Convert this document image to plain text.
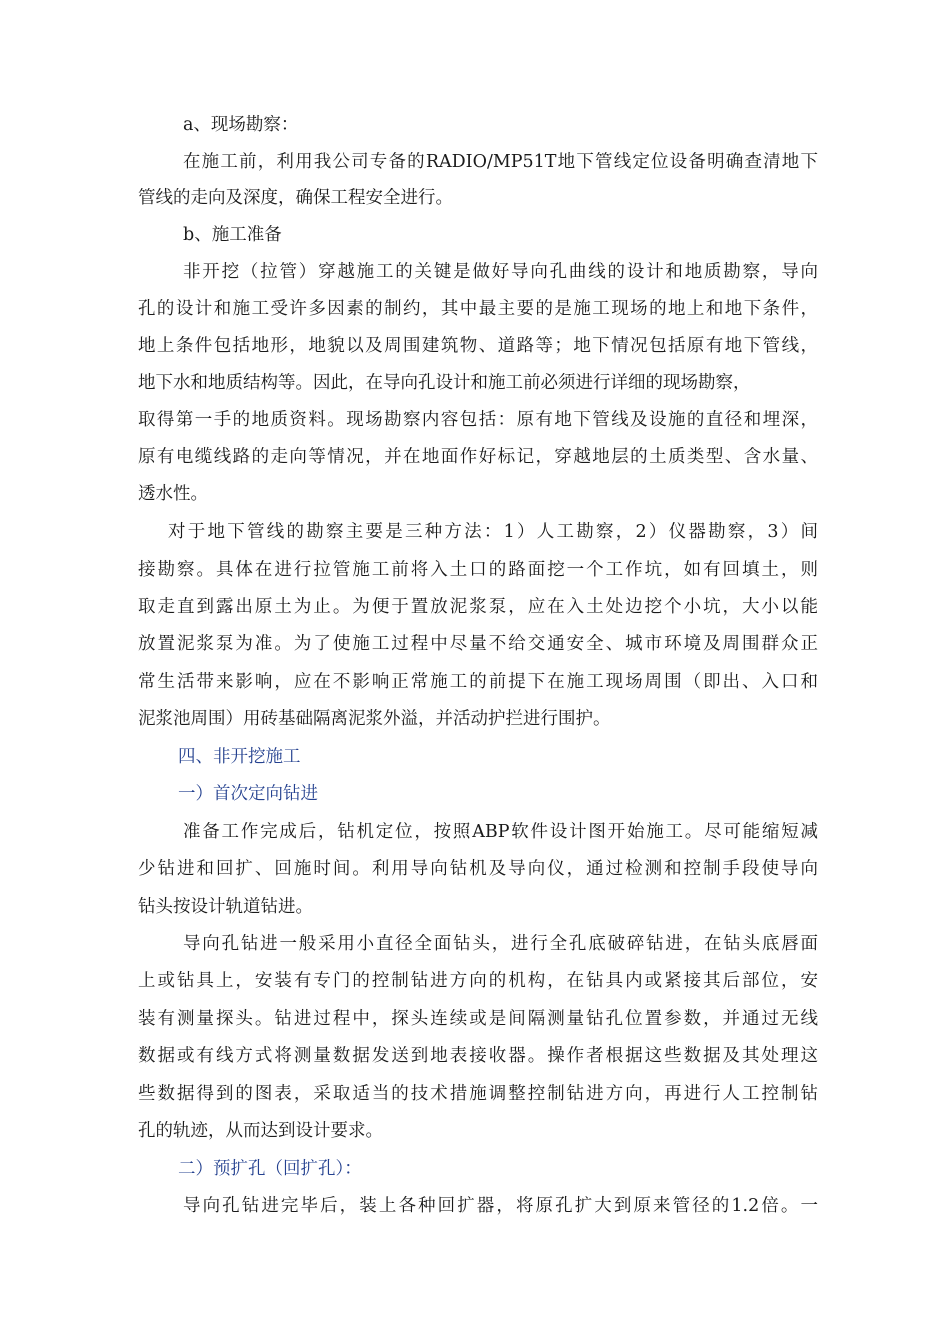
a、现场勘察：
在施工前，利用我公司专备的RADIO/MP51T地下管线定位设备明确查清地下
管线的走向及深度，确保工程安全进行。
b、施工准备
非开挖（拉管）穿越施工的关键是做好导向孔曲线的设计和地质勘察，导向
孔的设计和施工受许多因素的制约，其中最主要的是施工现场的地上和地下条件，
地上条件包括地形，地貌以及周围建筑物、道路等；地下情况包括原有地下管线，
地下水和地质结构等。因此，在导向孔设计和施工前必须进行详细的现场勘察，
取得第一手的地质资料。现场勘察内容包括：原有地下管线及设施的直径和埋深，
原有电缆线路的走向等情况，并在地面作好标记，穿越地层的土质类型、含水量、
透水性。
对于地下管线的勘察主要是三种方法：1）人工勘察，2）仪器勘察，3）间
接勘察。具体在进行拉管施工前将入土口的路面挖一个工作坑，如有回填土，则
取走直到露出原土为止。为便于置放泥浆泵，应在入土处边挖个小坑，大小以能
放置泥浆泵为准。为了使施工过程中尽量不给交通安全、城市环境及周围群众正
常生活带来影响，应在不影响正常施工的前提下在施工现场周围（即出、入口和
泥浆池周围）用砖基础隔离泥浆外溢，并活动护拦进行围护。
四、非开挖施工
一）首次定向钻进
准备工作完成后，钻机定位，按照ABP软件设计图开始施工。尽可能缩短减
少钻进和回扩、回施时间。利用导向钻机及导向仪，通过检测和控制手段使导向
钻头按设计轨道钻进。
导向孔钻进一般采用小直径全面钻头，进行全孔底破碎钻进，在钻头底唇面
上或钻具上，安装有专门的控制钻进方向的机构，在钻具内或紧接其后部位，安
装有测量探头。钻进过程中，探头连续或是间隔测量钻孔位置参数，并通过无线
数据或有线方式将测量数据发送到地表接收器。操作者根据这些数据及其处理这
些数据得到的图表，采取适当的技术措施调整控制钻进方向，再进行人工控制钻
孔的轨迹，从而达到设计要求。
二）预扩孔（回扩孔）：
导向孔钻进完毕后，装上各种回扩器，将原孔扩大到原来管径的1.2倍。一
